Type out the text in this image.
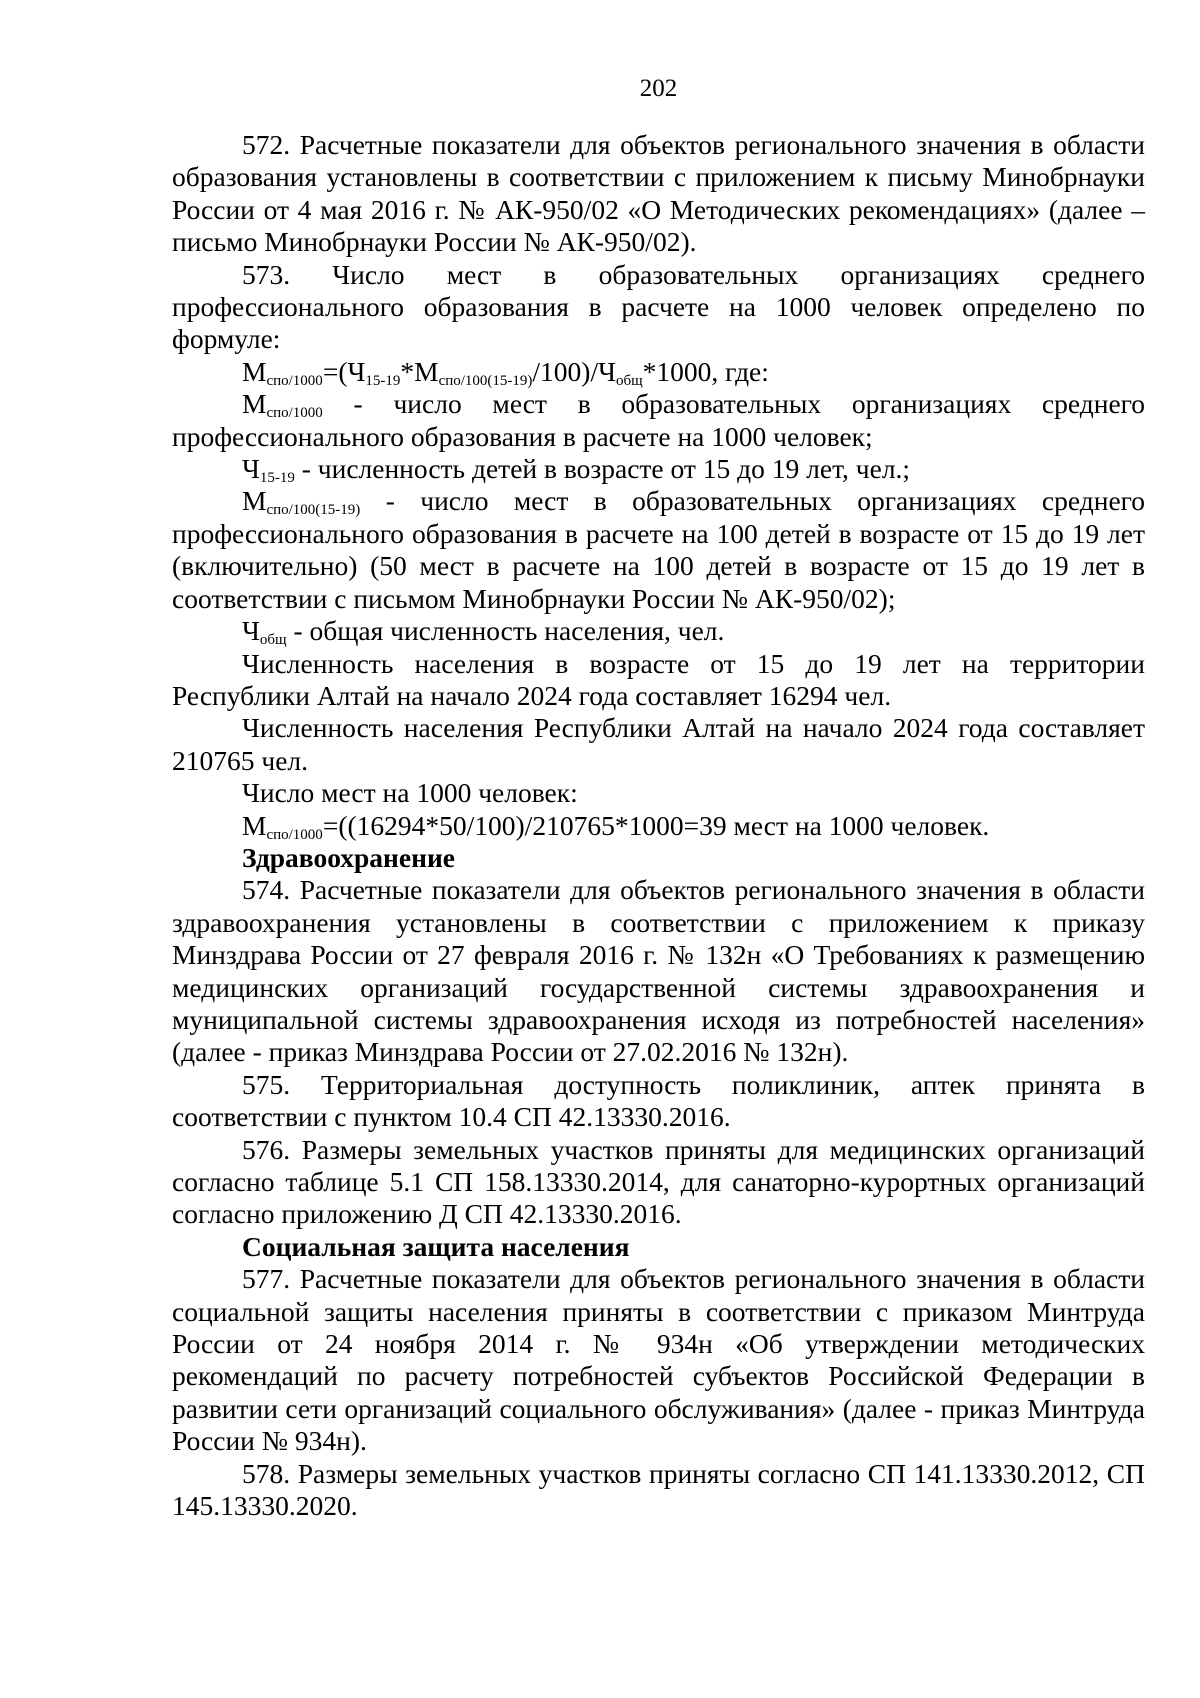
202

572. Расчетные показатели для объектов регионального значения в области образования установлены в соответствии с приложением к письму Минобрнауки России от 4 мая 2016 г. № АК-950/02 «О Методических рекомендациях» (далее – письмо Минобрнауки России № АК-950/02).

573. Число мест в образовательных организациях среднего профессионального образования в расчете на 1000 человек определено по формуле:

Мспо/1000=(Ч15-19*Мспо/100(15-19)/100)/Чобщ*1000, где:

Мспо/1000 - число мест в образовательных организациях среднего профессионального образования в расчете на 1000 человек;

Ч15-19 - численность детей в возрасте от 15 до 19 лет, чел.;

Мспо/100(15-19) - число мест в образовательных организациях среднего профессионального образования в расчете на 100 детей в возрасте от 15 до 19 лет (включительно) (50 мест в расчете на 100 детей в возрасте от 15 до 19 лет в соответствии с письмом Минобрнауки России № АК-950/02);

Чобщ - общая численность населения, чел.

Численность населения в возрасте от 15 до 19 лет на территории Республики Алтай на начало 2024 года составляет 16294 чел.

Численность населения Республики Алтай на начало 2024 года составляет 210765 чел.

Число мест на 1000 человек:

Мспо/1000=((16294*50/100)/210765*1000=39 мест на 1000 человек.

Здравоохранение

574. Расчетные показатели для объектов регионального значения в области здравоохранения установлены в соответствии с приложением к приказу Минздрава России от 27 февраля 2016 г. № 132н «О Требованиях к размещению медицинских организаций государственной системы здравоохранения и муниципальной системы здравоохранения исходя из потребностей населения» (далее - приказ Минздрава России от 27.02.2016 № 132н).

575. Территориальная доступность поликлиник, аптек принята в соответствии с пунктом 10.4 СП 42.13330.2016.

576. Размеры земельных участков приняты для медицинских организаций согласно таблице 5.1 СП 158.13330.2014, для санаторно-курортных организаций согласно приложению Д СП 42.13330.2016.

Социальная защита населения

577. Расчетные показатели для объектов регионального значения в области социальной защиты населения приняты в соответствии с приказом Минтруда России от 24 ноября 2014 г. № 934н «Об утверждении методических рекомендаций по расчету потребностей субъектов Российской Федерации в развитии сети организаций социального обслуживания» (далее - приказ Минтруда России № 934н).

578. Размеры земельных участков приняты согласно СП 141.13330.2012, СП 145.13330.2020.
